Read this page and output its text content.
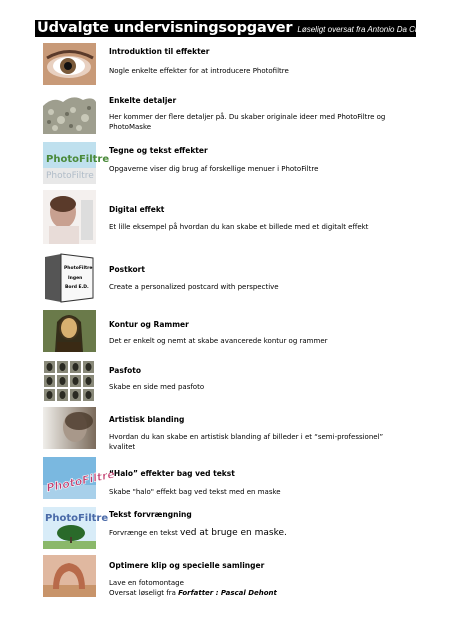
Udvalgte undervisningsopgaver Løseligt oversat fra Antonio Da Cruz
Introduktion til effekter
Nogle enkelte effekter for at introducere Photofiltre
Enkelte detaljer
Her kommer der flere detaljer på. Du skaber originale ideer med PhotoFiltre og PhotoMaske
PhotoFiltre
PhotoFiltre
Tegne og tekst effekter
Opgaverne viser dig brug af forskellige menuer i PhotoFiltre
Digital effekt
Et lille eksempel på hvordan du kan skabe et billede med et digitalt effekt
PhotoFiltre
Ingen
Bord E.D.
Postkort
Create a personalized postcard with perspective
Kontur og Rammer
Det er enkelt og nemt at skabe avancerede kontur og rammer
Pasfoto
Skabe en side med pasfoto
Artistisk blanding
Hvordan du kan skabe en artistisk blanding af billeder i et “semi-professionel” kvalitet
PhotoFiltre
“Halo” effekter bag ved tekst
Skabe "halo" effekt bag ved tekst med en maske
PhotoFiltre Tekst forvrængning
Forvrænge en tekst ved at bruge en maske.
Optimere klip og specielle samlinger
Lave en fotomontage
Oversat løseligt fra Forfatter : Pascal Dehont
